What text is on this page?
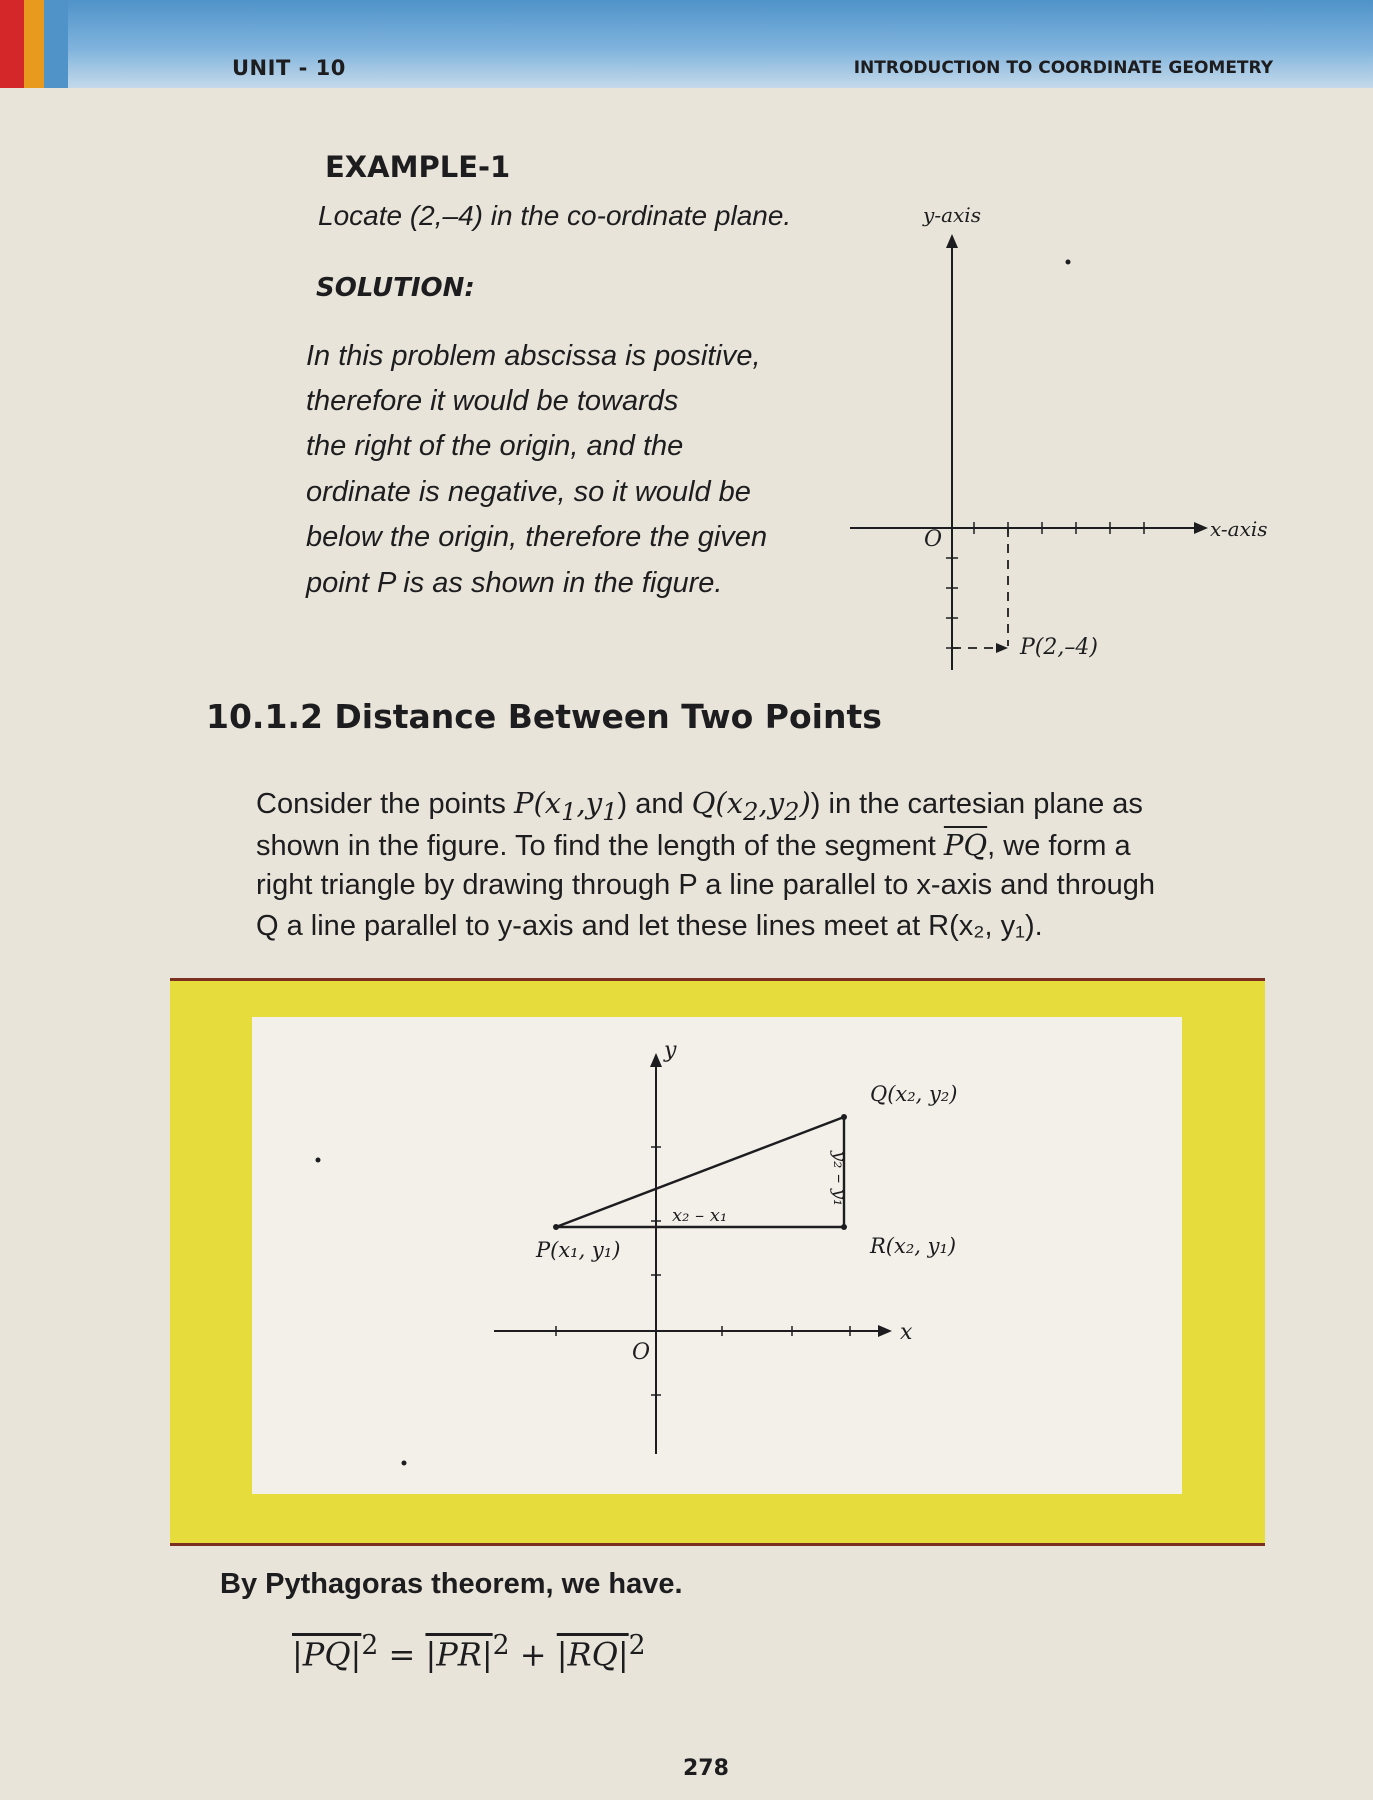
UNIT - 10	INTRODUCTION TO COORDINATE GEOMETRY
EXAMPLE-1
Locate (2,–4) in the co-ordinate plane.
SOLUTION:
In this problem abscissa is positive,
therefore it would be towards
the right of the origin, and the
ordinate is negative, so it would be
below the origin, therefore the given
point P is as shown in the figure.
y-axis
x-axis
O
P(2,–4)
10.1.2 Distance Between Two Points
Consider the points $P(x_1,y_1)$ and $Q(x_2,y_2)$) in the cartesian plane as
shown in the figure. To find the length of the segment $\overline{PQ}$, we form a
right triangle by drawing through P a line parallel to x-axis and through
Q a line parallel to y-axis and let these lines meet at R(x₂, y₁).
y
x
O
P(x₁, y₁)
Q(x₂, y₂)
R(x₂, y₁)
x₂ – x₁
y₂ – y₁
By Pythagoras theorem, we have.
$|PQ|^2 = |PR|^2 + |RQ|^2$
278
